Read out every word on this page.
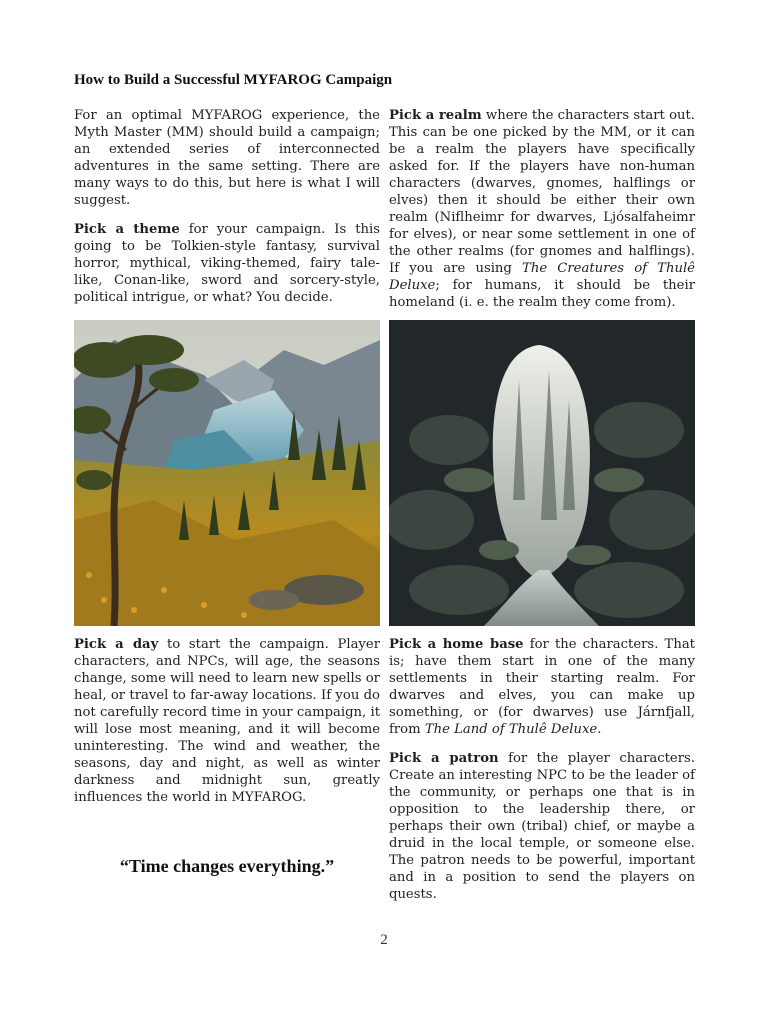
How to Build a Successful MYFAROG Campaign

For an optimal MYFAROG experience, the Myth Master (MM) should build a campaign; an extended series of interconnected adventures in the same setting. There are many ways to do this, but here is what I will suggest.

Pick a theme for your campaign. Is this going to be Tolkien-style fantasy, survival horror, mythical, viking-themed, fairy tale-like, Conan-like, sword and sorcery-style, political intrigue, or what? You decide.

Pick a realm where the characters start out. This can be one picked by the MM, or it can be a realm the players have specifically asked for. If the players have non-human characters (dwarves, gnomes, halflings or elves) then it should be either their own realm (Niflheimr for dwarves, Ljósalfaheimr for elves), or near some settlement in one of the other realms (for gnomes and halflings). If you are using The Creatures of Thulê Deluxe; for humans, it should be their homeland (i. e. the realm they come from).

Pick a day to start the campaign. Player characters, and NPCs, will age, the seasons change, some will need to learn new spells or heal, or travel to far-away locations. If you do not carefully record time in your campaign, it will lose most meaning, and it will become uninteresting. The wind and weather, the seasons, day and night, as well as winter darkness and midnight sun, greatly influences the world in MYFAROG.

Pick a home base for the characters. That is; have them start in one of the many settlements in their starting realm. For dwarves and elves, you can make up something, or (for dwarves) use Járnfjall, from The Land of Thulê Deluxe.

Pick a patron for the player characters. Create an interesting NPC to be the leader of the community, or perhaps one that is in opposition to the leadership there, or perhaps their own (tribal) chief, or maybe a druid in the local temple, or someone else. The patron needs to be powerful, important and in a position to send the players on quests.

“Time changes everything.”
2
